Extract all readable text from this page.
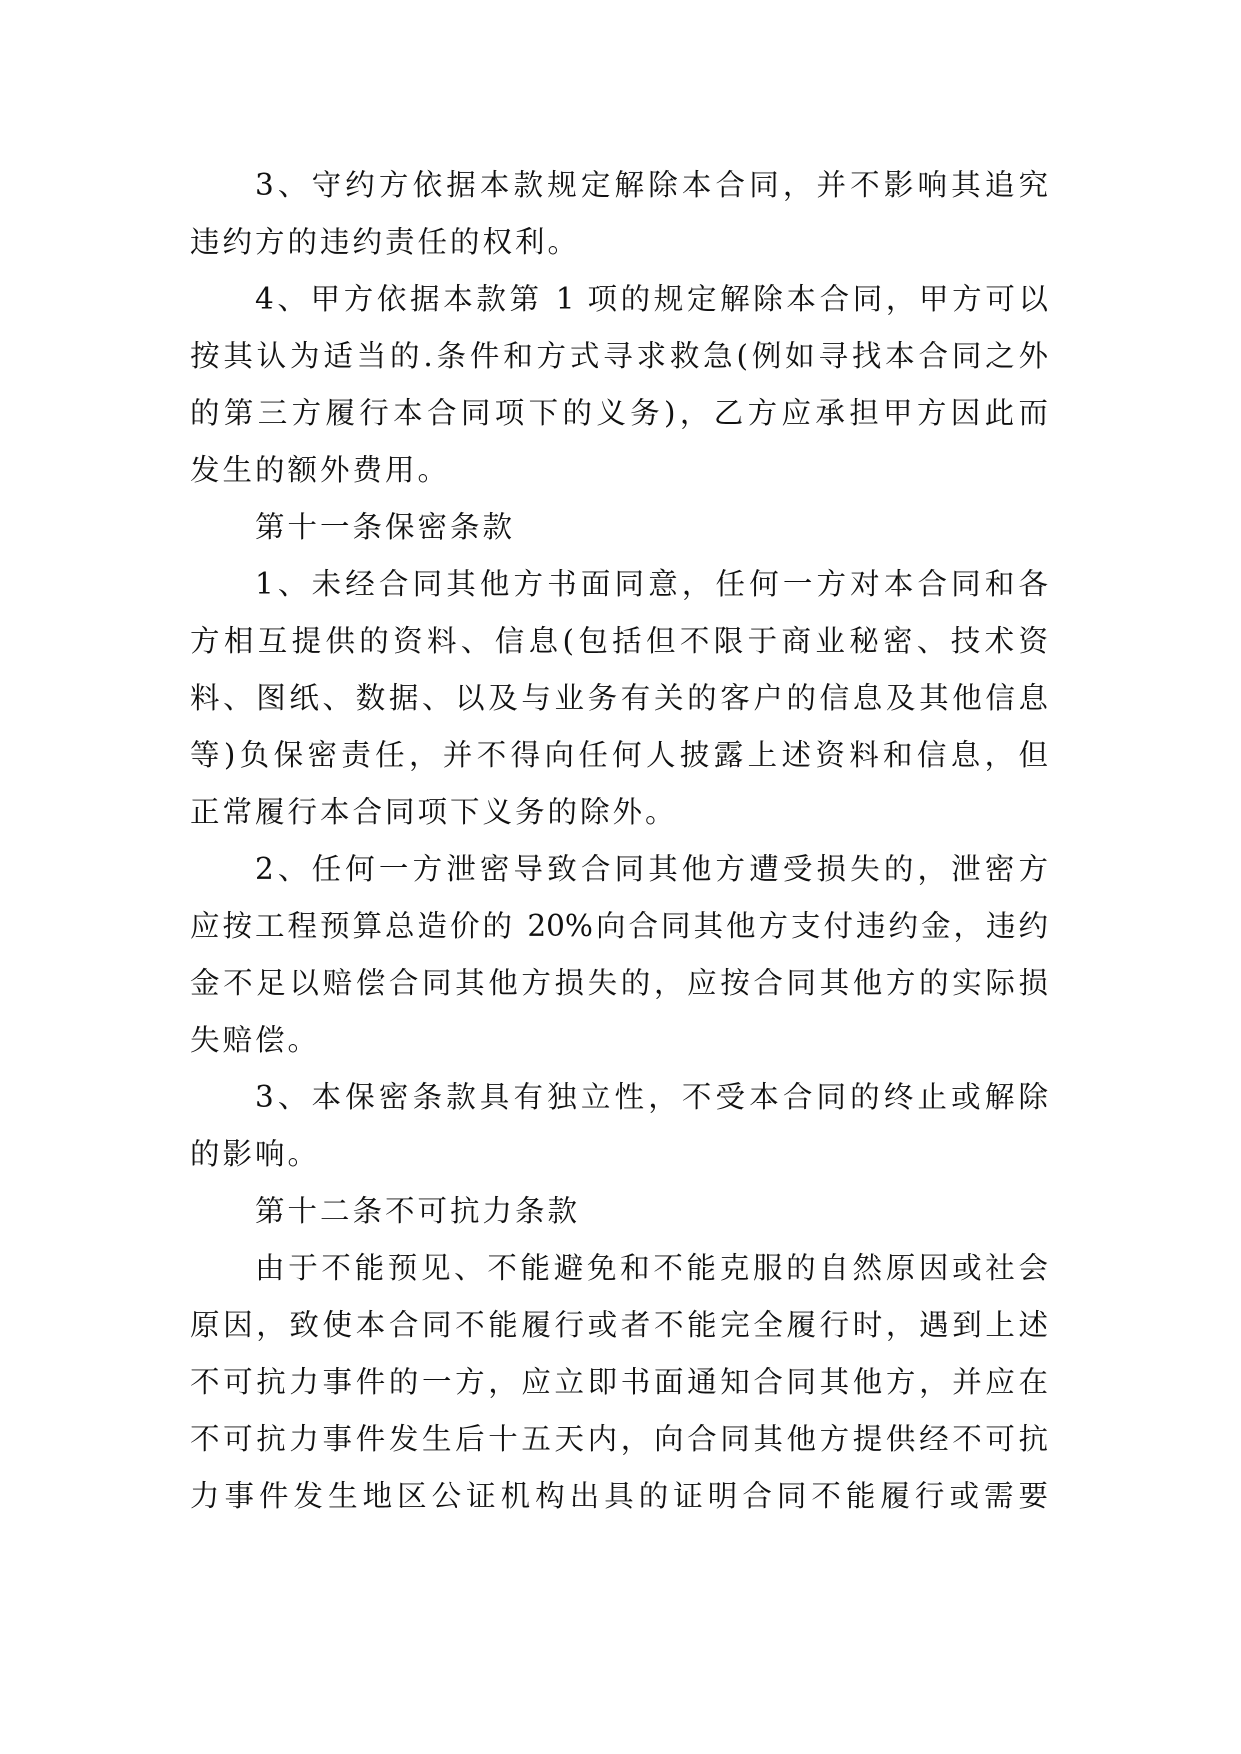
3、守约方依据本款规定解除本合同，并不影响其追究
违约方的违约责任的权利。
4、甲方依据本款第 1 项的规定解除本合同，甲方可以
按其认为适当的.条件和方式寻求救急(例如寻找本合同之外
的第三方履行本合同项下的义务)，乙方应承担甲方因此而
发生的额外费用。
第十一条保密条款
1、未经合同其他方书面同意，任何一方对本合同和各
方相互提供的资料、信息(包括但不限于商业秘密、技术资
料、图纸、数据、以及与业务有关的客户的信息及其他信息
等)负保密责任，并不得向任何人披露上述资料和信息，但
正常履行本合同项下义务的除外。
2、任何一方泄密导致合同其他方遭受损失的，泄密方
应按工程预算总造价的 20%向合同其他方支付违约金，违约
金不足以赔偿合同其他方损失的，应按合同其他方的实际损
失赔偿。
3、本保密条款具有独立性，不受本合同的终止或解除
的影响。
第十二条不可抗力条款
由于不能预见、不能避免和不能克服的自然原因或社会
原因，致使本合同不能履行或者不能完全履行时，遇到上述
不可抗力事件的一方，应立即书面通知合同其他方，并应在
不可抗力事件发生后十五天内，向合同其他方提供经不可抗
力事件发生地区公证机构出具的证明合同不能履行或需要
